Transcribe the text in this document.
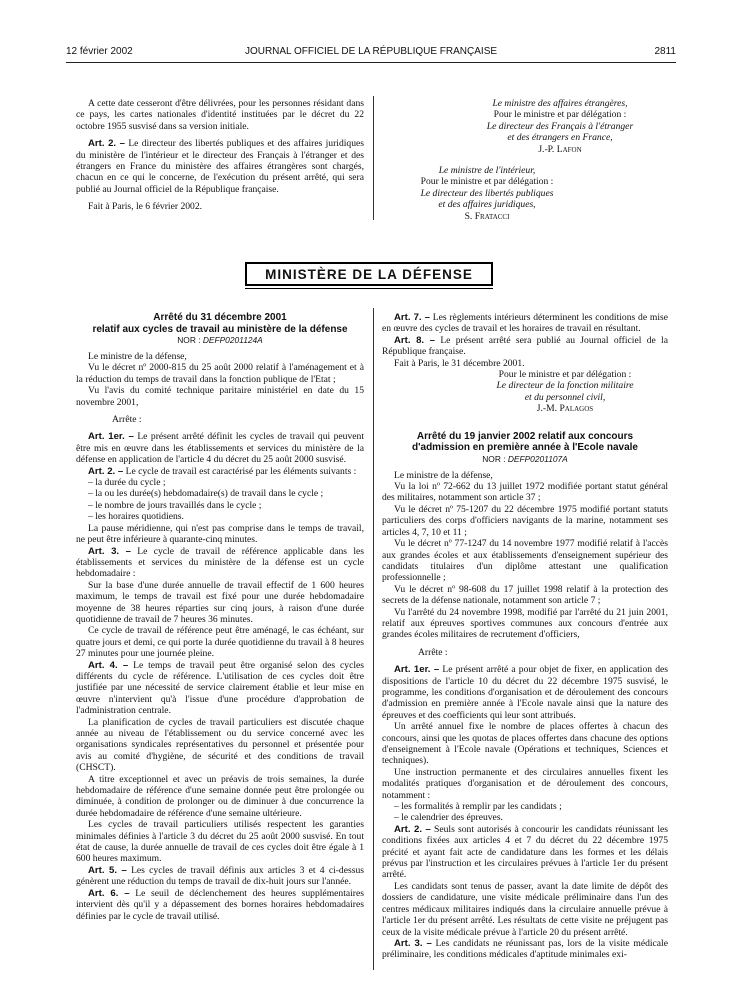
12 février 2002	JOURNAL OFFICIEL DE LA RÉPUBLIQUE FRANÇAISE	2811

A cette date cesseront d'être délivrées, pour les personnes résidant dans ce pays, les cartes nationales d'identité instituées par le décret du 22 octobre 1955 susvisé dans sa version initiale.

Art. 2. – Le directeur des libertés publiques et des affaires juridiques du ministère de l'intérieur et le directeur des Français à l'étranger et des étrangers en France du ministère des affaires étrangères sont chargés, chacun en ce qui le concerne, de l'exécution du présent arrêté, qui sera publié au Journal officiel de la République française.

Fait à Paris, le 6 février 2002.

Le ministre des affaires étrangères,
Pour le ministre et par délégation :
Le directeur des Français à l'étranger
et des étrangers en France,
J.-P. Lafon
Le ministre de l'intérieur,
Pour le ministre et par délégation :
Le directeur des libertés publiques
et des affaires juridiques,
S. Fratacci
MINISTÈRE DE LA DÉFENSE
Arrêté du 31 décembre 2001
relatif aux cycles de travail au ministère de la défense
NOR : DEFP0201124A

Le ministre de la défense,

Vu le décret nº 2000-815 du 25 août 2000 relatif à l'aménagement et à la réduction du temps de travail dans la fonction publique de l'Etat ;

Vu l'avis du comité technique paritaire ministériel en date du 15 novembre 2001,

Arrête :

Art. 1er. – Le présent arrêté définit les cycles de travail qui peuvent être mis en œuvre dans les établissements et services du ministère de la défense en application de l'article 4 du décret du 25 août 2000 susvisé.

Art. 2. – Le cycle de travail est caractérisé par les éléments suivants :

– la durée du cycle ;
– la ou les durée(s) hebdomadaire(s) de travail dans le cycle ;
– le nombre de jours travaillés dans le cycle ;
– les horaires quotidiens.

La pause méridienne, qui n'est pas comprise dans le temps de travail, ne peut être inférieure à quarante-cinq minutes.

Art. 3. – Le cycle de travail de référence applicable dans les établissements et services du ministère de la défense est un cycle hebdomadaire :

Sur la base d'une durée annuelle de travail effectif de 1 600 heures maximum, le temps de travail est fixé pour une durée hebdomadaire moyenne de 38 heures réparties sur cinq jours, à raison d'une durée quotidienne de travail de 7 heures 36 minutes.

Ce cycle de travail de référence peut être aménagé, le cas échéant, sur quatre jours et demi, ce qui porte la durée quotidienne du travail à 8 heures 27 minutes pour une journée pleine.

Art. 4. – Le temps de travail peut être organisé selon des cycles différents du cycle de référence. L'utilisation de ces cycles doit être justifiée par une nécessité de service clairement établie et leur mise en œuvre n'intervient qu'à l'issue d'une procédure d'approbation de l'administration centrale.

La planification de cycles de travail particuliers est discutée chaque année au niveau de l'établissement ou du service concerné avec les organisations syndicales représentatives du personnel et présentée pour avis au comité d'hygiène, de sécurité et des conditions de travail (CHSCT).

A titre exceptionnel et avec un préavis de trois semaines, la durée hebdomadaire de référence d'une semaine donnée peut être prolongée ou diminuée, à condition de prolonger ou de diminuer à due concurrence la durée hebdomadaire de référence d'une semaine ultérieure.

Les cycles de travail particuliers utilisés respectent les garanties minimales définies à l'article 3 du décret du 25 août 2000 susvisé. En tout état de cause, la durée annuelle de travail de ces cycles doit être égale à 1 600 heures maximum.

Art. 5. – Les cycles de travail définis aux articles 3 et 4 ci-dessus génèrent une réduction du temps de travail de dix-huit jours sur l'année.

Art. 6. – Le seuil de déclenchement des heures supplémentaires intervient dès qu'il y a dépassement des bornes horaires hebdomadaires définies par le cycle de travail utilisé.

Art. 7. – Les règlements intérieurs déterminent les conditions de mise en œuvre des cycles de travail et les horaires de travail en résultant.

Art. 8. – Le présent arrêté sera publié au Journal officiel de la République française.

Fait à Paris, le 31 décembre 2001.

Pour le ministre et par délégation :
Le directeur de la fonction militaire
et du personnel civil,
J.-M. Palagos
Arrêté du 19 janvier 2002 relatif aux concours
d'admission en première année à l'Ecole navale
NOR : DEFP0201107A

Le ministre de la défense,

Vu la loi nº 72-662 du 13 juillet 1972 modifiée portant statut général des militaires, notamment son article 37 ;

Vu le décret nº 75-1207 du 22 décembre 1975 modifié portant statuts particuliers des corps d'officiers navigants de la marine, notamment ses articles 4, 7, 10 et 11 ;

Vu le décret nº 77-1247 du 14 novembre 1977 modifié relatif à l'accès aux grandes écoles et aux établissements d'enseignement supérieur des candidats titulaires d'un diplôme attestant une qualification professionnelle ;

Vu le décret nº 98-608 du 17 juillet 1998 relatif à la protection des secrets de la défense nationale, notamment son article 7 ;

Vu l'arrêté du 24 novembre 1998, modifié par l'arrêté du 21 juin 2001, relatif aux épreuves sportives communes aux concours d'entrée aux grandes écoles militaires de recrutement d'officiers,

Arrête :

Art. 1er. – Le présent arrêté a pour objet de fixer, en application des dispositions de l'article 10 du décret du 22 décembre 1975 susvisé, le programme, les conditions d'organisation et de déroulement des concours d'admission en première année à l'Ecole navale ainsi que la nature des épreuves et des coefficients qui leur sont attribués.

Un arrêté annuel fixe le nombre de places offertes à chacun des concours, ainsi que les quotas de places offertes dans chacune des options d'enseignement à l'Ecole navale (Opérations et techniques, Sciences et techniques).

Une instruction permanente et des circulaires annuelles fixent les modalités pratiques d'organisation et de déroulement des concours, notamment :

– les formalités à remplir par les candidats ;
– le calendrier des épreuves.

Art. 2. – Seuls sont autorisés à concourir les candidats réunissant les conditions fixées aux articles 4 et 7 du décret du 22 décembre 1975 précité et ayant fait acte de candidature dans les formes et les délais prévus par l'instruction et les circulaires prévues à l'article 1er du présent arrêté.

Les candidats sont tenus de passer, avant la date limite de dépôt des dossiers de candidature, une visite médicale préliminaire dans l'un des centres médicaux militaires indiqués dans la circulaire annuelle prévue à l'article 1er du présent arrêté. Les résultats de cette visite ne préjugent pas ceux de la visite médicale prévue à l'article 20 du présent arrêté.

Art. 3. – Les candidats ne réunissant pas, lors de la visite médicale préliminaire, les conditions médicales d'aptitude minimales exi-
